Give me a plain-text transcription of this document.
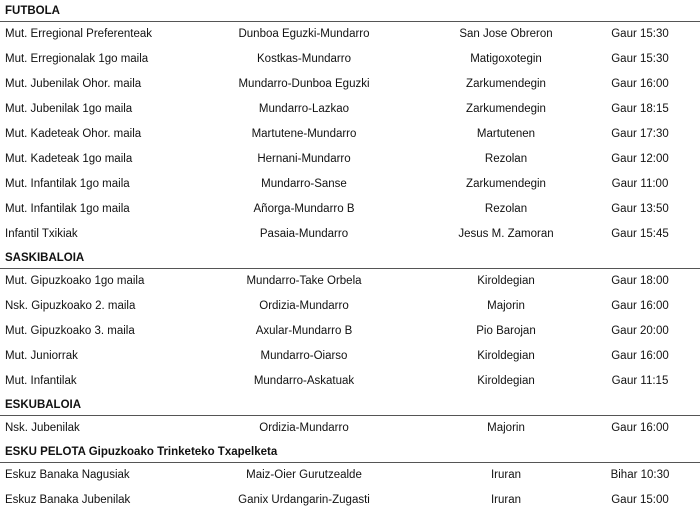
FUTBOLA
Mut. Erregional Preferenteak	Dunboa Eguzki-Mundarro	San Jose Obreron	Gaur 15:30
Mut. Erregionalak 1go maila	Kostkas-Mundarro	Matigoxotegin	Gaur 15:30
Mut. Jubenilak Ohor. maila	Mundarro-Dunboa Eguzki	Zarkumendegin	Gaur 16:00
Mut. Jubenilak 1go maila	Mundarro-Lazkao	Zarkumendegin	Gaur 18:15
Mut. Kadeteak Ohor. maila	Martutene-Mundarro	Martutenen	Gaur 17:30
Mut. Kadeteak 1go maila	Hernani-Mundarro	Rezolan	Gaur 12:00
Mut. Infantilak 1go maila	Mundarro-Sanse	Zarkumendegin	Gaur 11:00
Mut. Infantilak 1go maila	Añorga-Mundarro B	Rezolan	Gaur 13:50
Infantil Txikiak	Pasaia-Mundarro	Jesus M. Zamoran	Gaur 15:45
SASKIBALOIA
Mut. Gipuzkoako 1go maila	Mundarro-Take Orbela	Kiroldegian	Gaur 18:00
Nsk. Gipuzkoako 2. maila	Ordizia-Mundarro	Majorin	Gaur 16:00
Mut. Gipuzkoako 3. maila	Axular-Mundarro B	Pio Barojan	Gaur 20:00
Mut. Juniorrak	Mundarro-Oiarso	Kiroldegian	Gaur 16:00
Mut. Infantilak	Mundarro-Askatuak	Kiroldegian	Gaur 11:15
ESKUBALOIA
Nsk. Jubenilak	Ordizia-Mundarro	Majorin	Gaur 16:00
ESKU PELOTA Gipuzkoako Trinketeko Txapelketa
Eskuz Banaka Nagusiak	Maiz-Oier Gurutzealde	Iruran	Bihar 10:30
Eskuz Banaka Jubenilak	Ganix Urdangarin-Zugasti	Iruran	Gaur 15:00
